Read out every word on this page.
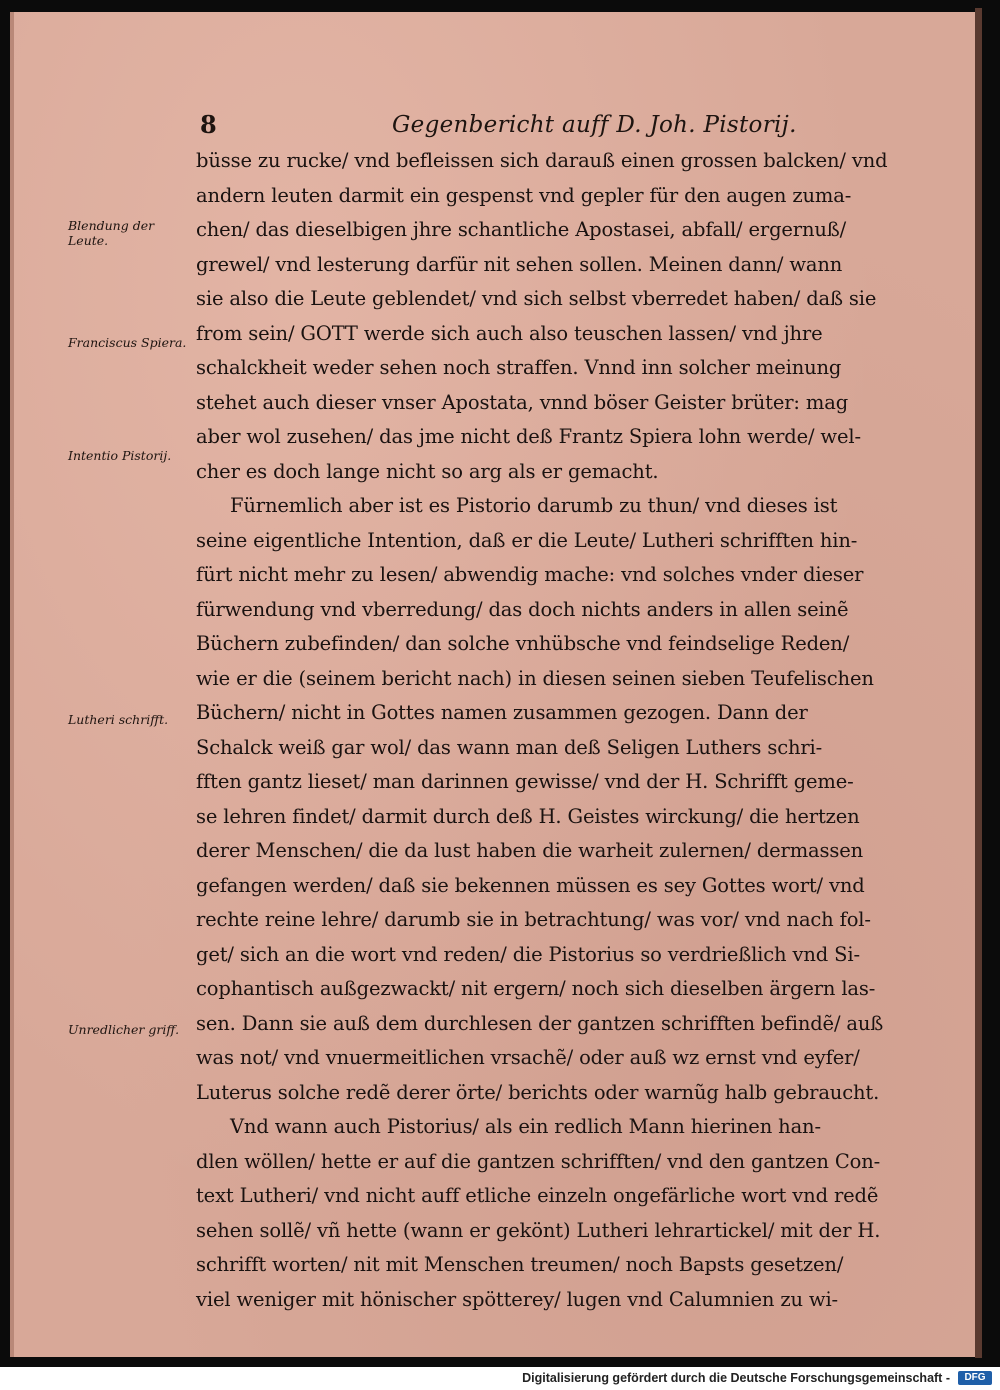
8	Gegenbericht auff D. Joh. Pistorij.
Blendung der Leute.
Franciscus Spiera.
Intentio Pistorij.
Lutheri schrifft.
Unredlicher griff.
büsse zu rucke/ vnd befleissen sich darauß einen grossen balcken/ vnd
andern leuten darmit ein gespenst vnd gepler für den augen zuma-
chen/ das dieselbigen jhre schantliche Apostasei, abfall/ ergernuß/
grewel/ vnd lesterung darfür nit sehen sollen. Meinen dann/ wann
sie also die Leute geblendet/ vnd sich selbst vberredet haben/ daß sie
from sein/ GOTT werde sich auch also teuschen lassen/ vnd jhre
schalckheit weder sehen noch straffen. Vnnd inn solcher meinung
stehet auch dieser vnser Apostata, vnnd böser Geister brüter: mag
aber wol zusehen/ das jme nicht deß Frantz Spiera lohn werde/ wel-
cher es doch lange nicht so arg als er gemacht.
Fürnemlich aber ist es Pistorio darumb zu thun/ vnd dieses ist
seine eigentliche Intention, daß er die Leute/ Lutheri schrifften hin-
fürt nicht mehr zu lesen/ abwendig mache: vnd solches vnder dieser
fürwendung vnd vberredung/ das doch nichts anders in allen seinẽ
Büchern zubefinden/ dan solche vnhübsche vnd feindselige Reden/
wie er die (seinem bericht nach) in diesen seinen sieben Teufelischen
Büchern/ nicht in Gottes namen zusammen gezogen. Dann der
Schalck weiß gar wol/ das wann man deß Seligen Luthers schri-
fften gantz lieset/ man darinnen gewisse/ vnd der H. Schrifft geme-
se lehren findet/ darmit durch deß H. Geistes wirckung/ die hertzen
derer Menschen/ die da lust haben die warheit zulernen/ dermassen
gefangen werden/ daß sie bekennen müssen es sey Gottes wort/ vnd
rechte reine lehre/ darumb sie in betrachtung/ was vor/ vnd nach fol-
get/ sich an die wort vnd reden/ die Pistorius so verdrießlich vnd Si-
cophantisch außgezwackt/ nit ergern/ noch sich dieselben ärgern las-
sen. Dann sie auß dem durchlesen der gantzen schrifften befindẽ/ auß
was not/ vnd vnuermeitlichen vrsachẽ/ oder auß wz ernst vnd eyfer/
Luterus solche redẽ derer örte/ berichts oder warnũg halb gebraucht.
Vnd wann auch Pistorius/ als ein redlich Mann hierinen han-
dlen wöllen/ hette er auf die gantzen schrifften/ vnd den gantzen Con-
text Lutheri/ vnd nicht auff etliche einzeln ongefärliche wort vnd redẽ
sehen sollẽ/ vñ hette (wann er gekönt) Lutheri lehrartickel/ mit der H.
schrifft worten/ nit mit Menschen treumen/ noch Bapsts gesetzen/
viel weniger mit hönischer spötterey/ lugen vnd Calumnien zu wi-
Digitalisierung gefördert durch die Deutsche Forschungsgemeinschaft -	DFG
